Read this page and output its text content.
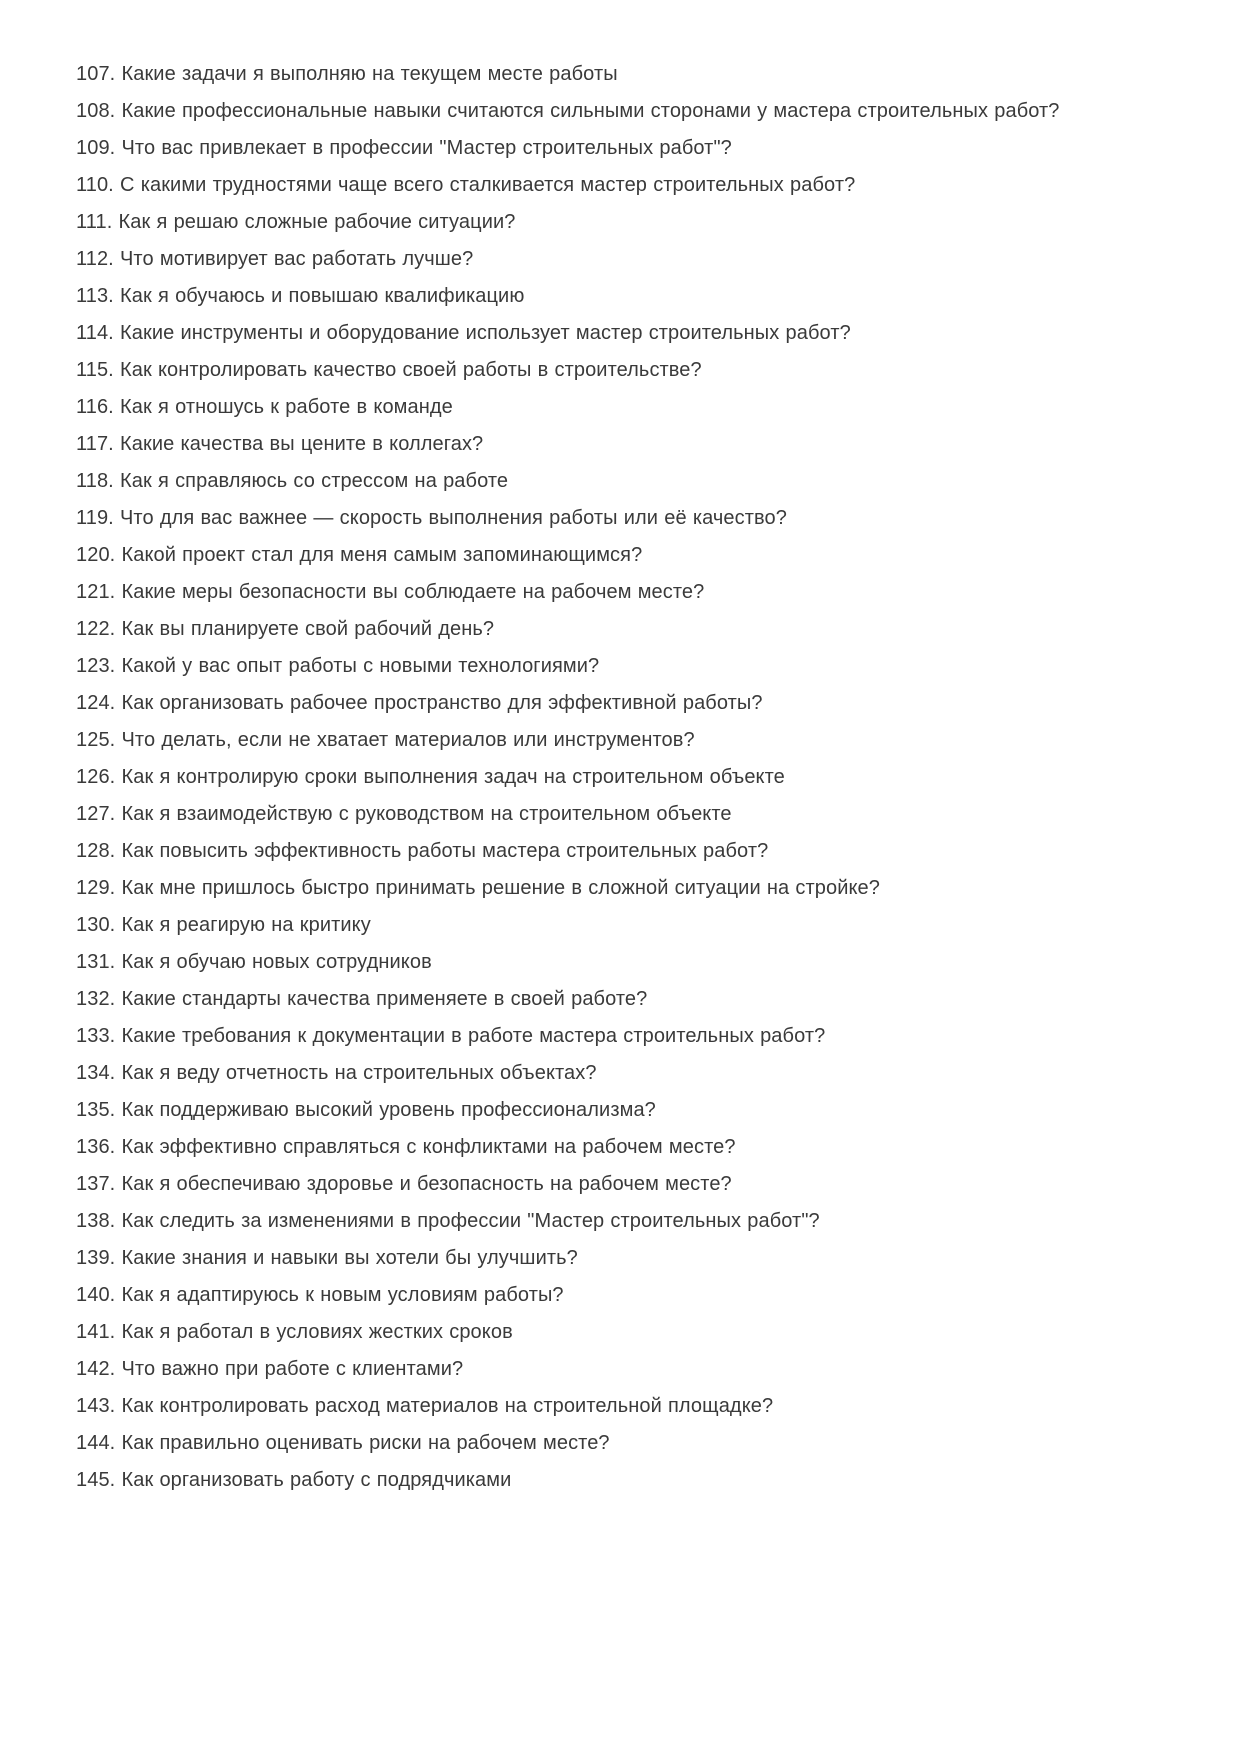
107. Какие задачи я выполняю на текущем месте работы

108. Какие профессиональные навыки считаются сильными сторонами у мастера строительных работ?

109. Что вас привлекает в профессии "Мастер строительных работ"?

110. С какими трудностями чаще всего сталкивается мастер строительных работ?

111. Как я решаю сложные рабочие ситуации?

112. Что мотивирует вас работать лучше?

113. Как я обучаюсь и повышаю квалификацию

114. Какие инструменты и оборудование использует мастер строительных работ?

115. Как контролировать качество своей работы в строительстве?

116. Как я отношусь к работе в команде

117. Какие качества вы цените в коллегах?

118. Как я справляюсь со стрессом на работе

119. Что для вас важнее — скорость выполнения работы или её качество?

120. Какой проект стал для меня самым запоминающимся?

121. Какие меры безопасности вы соблюдаете на рабочем месте?

122. Как вы планируете свой рабочий день?

123. Какой у вас опыт работы с новыми технологиями?

124. Как организовать рабочее пространство для эффективной работы?

125. Что делать, если не хватает материалов или инструментов?

126. Как я контролирую сроки выполнения задач на строительном объекте

127. Как я взаимодействую с руководством на строительном объекте

128. Как повысить эффективность работы мастера строительных работ?

129. Как мне пришлось быстро принимать решение в сложной ситуации на стройке?

130. Как я реагирую на критику

131. Как я обучаю новых сотрудников

132. Какие стандарты качества применяете в своей работе?

133. Какие требования к документации в работе мастера строительных работ?

134. Как я веду отчетность на строительных объектах?

135. Как поддерживаю высокий уровень профессионализма?

136. Как эффективно справляться с конфликтами на рабочем месте?

137. Как я обеспечиваю здоровье и безопасность на рабочем месте?

138. Как следить за изменениями в профессии "Мастер строительных работ"?

139. Какие знания и навыки вы хотели бы улучшить?

140. Как я адаптируюсь к новым условиям работы?

141. Как я работал в условиях жестких сроков

142. Что важно при работе с клиентами?

143. Как контролировать расход материалов на строительной площадке?

144. Как правильно оценивать риски на рабочем месте?

145. Как организовать работу с подрядчиками
